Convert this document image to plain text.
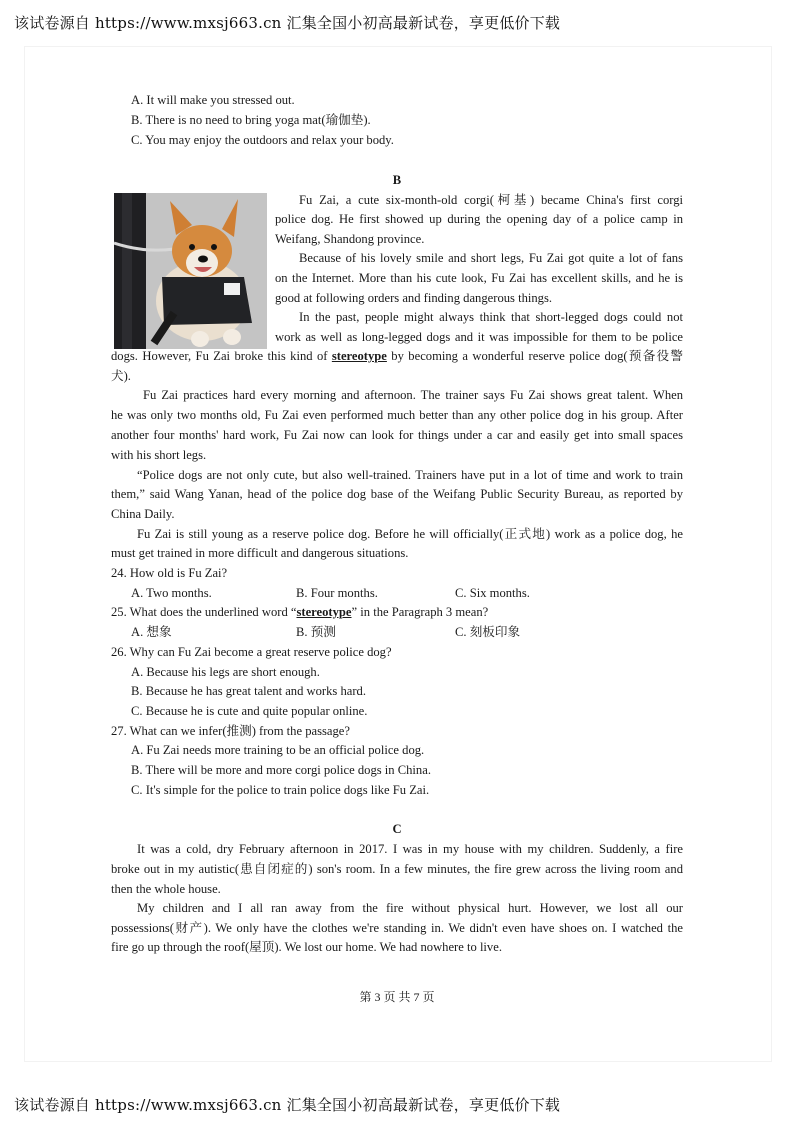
该试卷源自 https://www.mxsj663.cn 汇集全国小初高最新试卷，享更低价下载
A. It will make you stressed out.
B. There is no need to bring yoga mat(瑜伽垫).
C. You may enjoy the outdoors and relax your body.
B
Fu Zai, a cute six-month-old corgi(柯基) became China's first corgi
police dog. He first showed up during the opening day of a police camp in
Weifang, Shandong province.
Because of his lovely smile and short legs, Fu Zai got quite a lot of fans
on the Internet. More than his cute look, Fu Zai has excellent skills, and he is
good at following orders and finding dangerous things.
In the past, people might always think that short-legged dogs could not
work as well as long-legged dogs and it was impossible for them to be police
dogs. However, Fu Zai broke this kind of stereotype by becoming a wonderful reserve police dog(预备役警
犬).
Fu Zai practices hard every morning and afternoon. The trainer says Fu Zai shows great talent. When
he was only two months old, Fu Zai even performed much better than any other police dog in his group. After
another four months' hard work, Fu Zai now can look for things under a car and easily get into small spaces
with his short legs.
“Police dogs are not only cute, but also well-trained. Trainers have put in a lot of time and work to train
them,” said Wang Yanan, head of the police dog base of the Weifang Public Security Bureau, as reported by
China Daily.
Fu Zai is still young as a reserve police dog. Before he will officially(正式地) work as a police dog, he
must get trained in more difficult and dangerous situations.
24. How old is Fu Zai?
A. Two months.	B. Four months.	C. Six months.
25. What does the underlined word “stereotype” in the Paragraph 3 mean?
A. 想象	B. 预测	C. 刻板印象
26. Why can Fu Zai become a great reserve police dog?
A. Because his legs are short enough.
B. Because he has great talent and works hard.
C. Because he is cute and quite popular online.
27. What can we infer(推测) from the passage?
A. Fu Zai needs more training to be an official police dog.
B. There will be more and more corgi police dogs in China.
C. It's simple for the police to train police dogs like Fu Zai.
C
It was a cold, dry February afternoon in 2017. I was in my house with my children. Suddenly, a fire
broke out in my autistic(患自闭症的) son's room. In a few minutes, the fire grew across the living room and
then the whole house.
My children and I all ran away from the fire without physical hurt. However, we lost all our
possessions(财产). We only have the clothes we're standing in. We didn't even have shoes on. I watched the
fire go up through the roof(屋顶). We lost our home. We had nowhere to live.
第 3 页 共 7 页
该试卷源自 https://www.mxsj663.cn 汇集全国小初高最新试卷，享更低价下载
